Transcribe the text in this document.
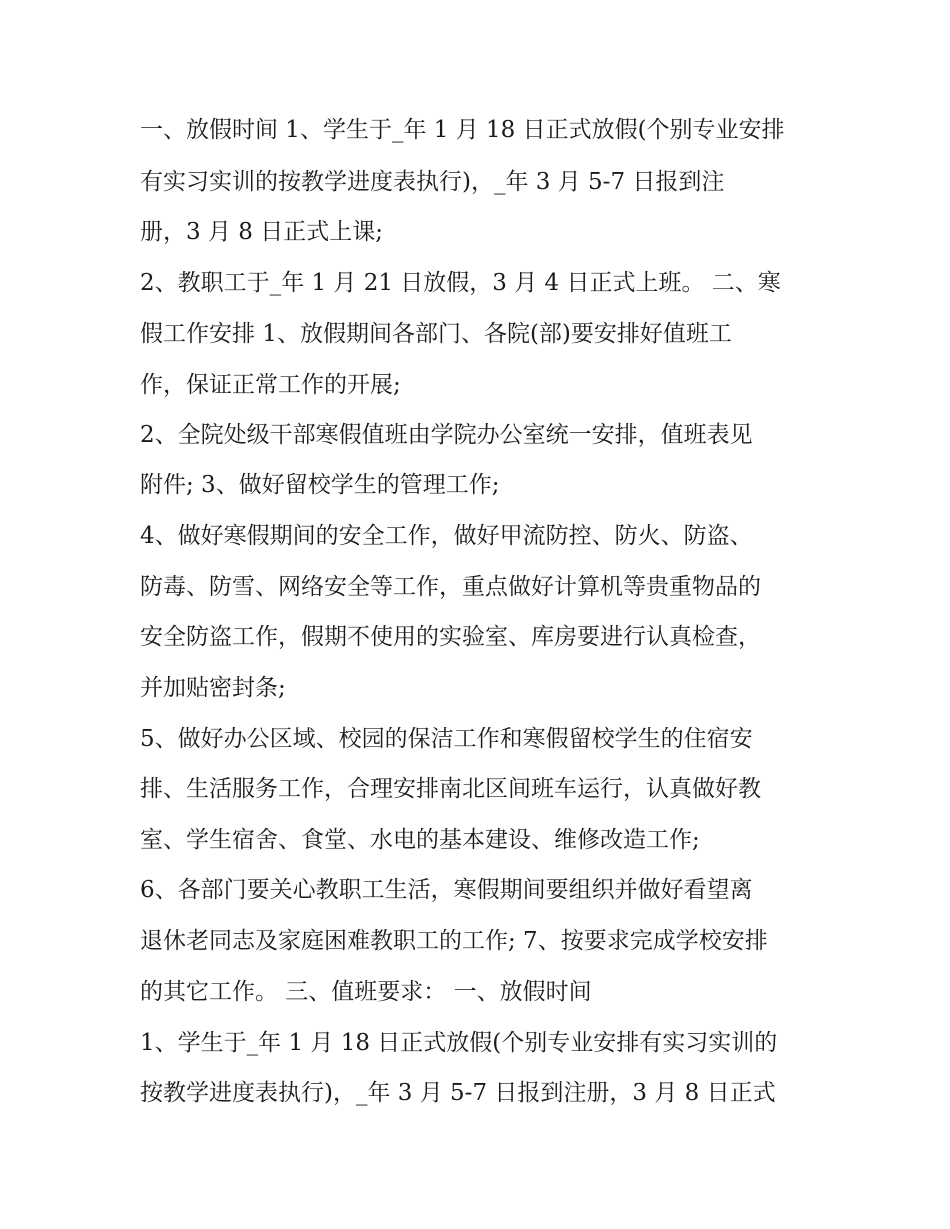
一、放假时间 1、学生于_年 1 月 18 日正式放假(个别专业安排
有实习实训的按教学进度表执行)，_年 3 月 5-7 日报到注
册，3 月 8 日正式上课;
2、教职工于_年 1 月 21 日放假，3 月 4 日正式上班。 二、寒
假工作安排 1、放假期间各部门、各院(部)要安排好值班工
作，保证正常工作的开展;
2、全院处级干部寒假值班由学院办公室统一安排，值班表见
附件; 3、做好留校学生的管理工作;
4、做好寒假期间的安全工作，做好甲流防控、防火、防盗、
防毒、防雪、网络安全等工作，重点做好计算机等贵重物品的
安全防盗工作，假期不使用的实验室、库房要进行认真检查，
并加贴密封条;
5、做好办公区域、校园的保洁工作和寒假留校学生的住宿安
排、生活服务工作，合理安排南北区间班车运行，认真做好教
室、学生宿舍、食堂、水电的基本建设、维修改造工作;
6、各部门要关心教职工生活，寒假期间要组织并做好看望离
退休老同志及家庭困难教职工的工作; 7、按要求完成学校安排
的其它工作。 三、值班要求： 一、放假时间
1、学生于_年 1 月 18 日正式放假(个别专业安排有实习实训的
按教学进度表执行)，_年 3 月 5-7 日报到注册，3 月 8 日正式
